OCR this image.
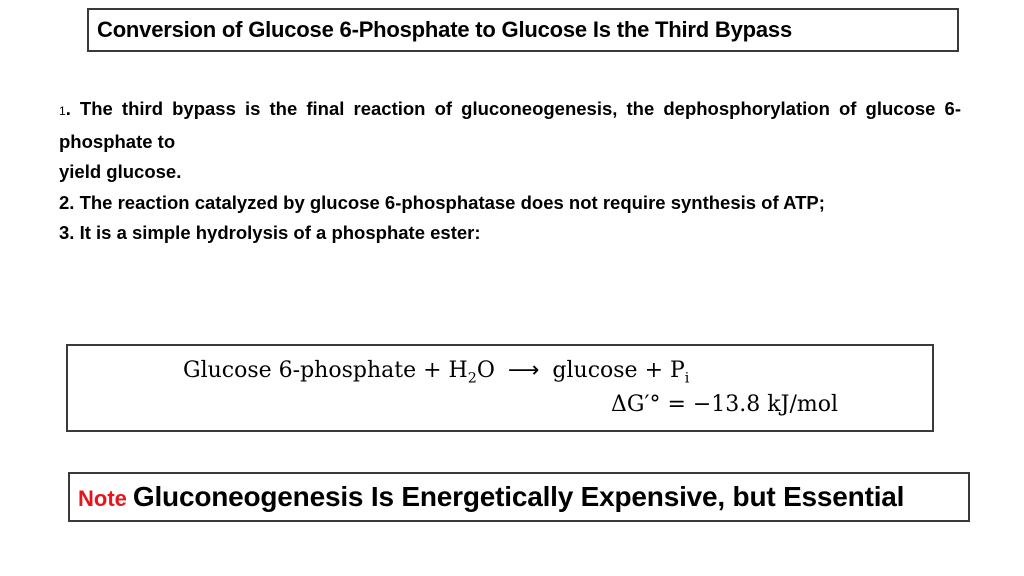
Conversion of Glucose 6-Phosphate to Glucose Is the Third Bypass

1. The third bypass is the final reaction of gluconeogenesis, the dephosphorylation of glucose 6-phosphate to

yield glucose.

2. The reaction catalyzed by glucose 6-phosphatase does not require synthesis of ATP;

3. It is a simple hydrolysis of a phosphate ester:

Glucose 6-phosphate + $H_2O$ ⟶ $glucose + P_i$
ΔG′° = −13.8 kJ/mol
Note Gluconeogenesis Is Energetically Expensive, but Essential
